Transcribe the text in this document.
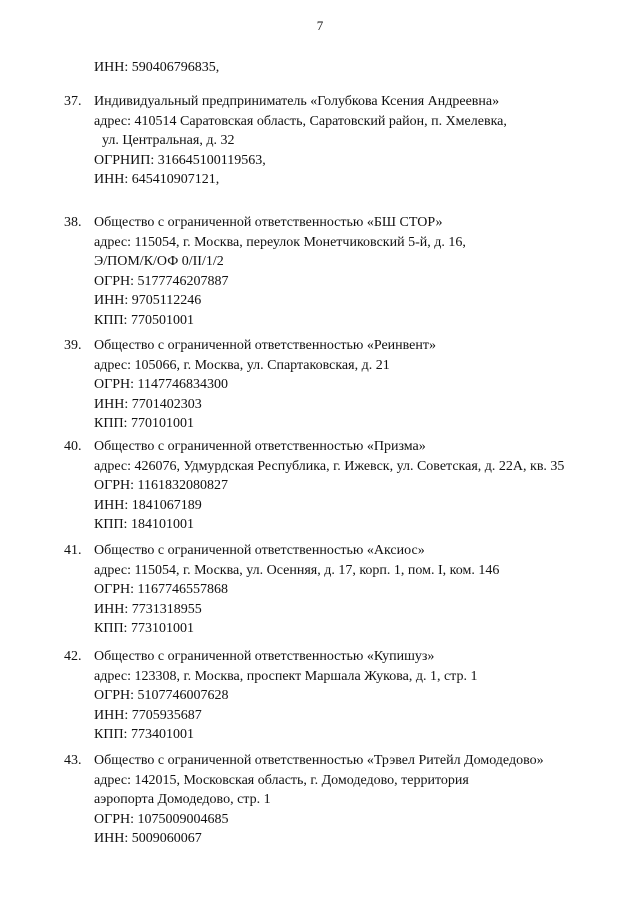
7
ИНН: 590406796835,
37. Индивидуальный предприниматель «Голубкова Ксения Андреевна»
адрес: 410514 Саратовская область, Саратовский район, п. Хмелевка,
ул. Центральная, д. 32
ОГРНИП: 316645100119563,
ИНН: 645410907121,
38. Общество с ограниченной ответственностью «БШ СТОР»
адрес: 115054, г. Москва, переулок Монетчиковский 5-й, д. 16,
Э/ПОМ/К/ОФ 0/II/1/2
ОГРН: 5177746207887
ИНН: 9705112246
КПП: 770501001
39. Общество с ограниченной ответственностью «Реинвент»
адрес: 105066, г. Москва, ул. Спартаковская, д. 21
ОГРН: 1147746834300
ИНН: 7701402303
КПП: 770101001
40. Общество с ограниченной ответственностью «Призма»
адрес: 426076, Удмурдская Республика, г. Ижевск, ул. Советская, д. 22А, кв. 35
ОГРН: 1161832080827
ИНН: 1841067189
КПП: 184101001
41. Общество с ограниченной ответственностью «Аксиос»
адрес: 115054, г. Москва, ул. Осенняя, д. 17, корп. 1, пом. I, ком. 146
ОГРН: 1167746557868
ИНН: 7731318955
КПП: 773101001
42. Общество с ограниченной ответственностью «Купишуз»
адрес: 123308, г. Москва, проспект Маршала Жукова, д. 1, стр. 1
ОГРН: 5107746007628
ИНН: 7705935687
КПП: 773401001
43. Общество с ограниченной ответственностью «Трэвел Ритейл Домодедово»
адрес: 142015, Московская область, г. Домодедово, территория
аэропорта Домодедово, стр. 1
ОГРН: 1075009004685
ИНН: 5009060067
